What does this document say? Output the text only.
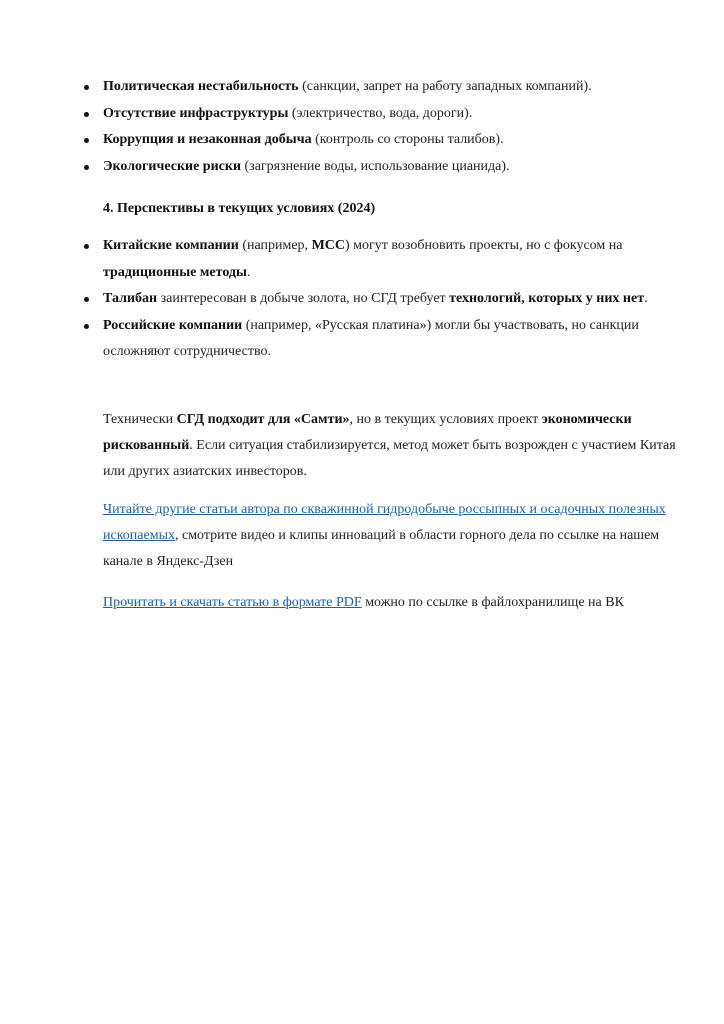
Политическая нестабильность (санкции, запрет на работу западных компаний).
Отсутствие инфраструктуры (электричество, вода, дороги).
Коррупция и незаконная добыча (контроль со стороны талибов).
Экологические риски (загрязнение воды, использование цианида).
4. Перспективы в текущих условиях (2024)
Китайские компании (например, MCC) могут возобновить проекты, но с фокусом на традиционные методы.
Талибан заинтересован в добыче золота, но СГД требует технологий, которых у них нет.
Российские компании (например, «Русская платина») могли бы участвовать, но санкции осложняют сотрудничество.
Технически СГД подходит для «Самти», но в текущих условиях проект экономически рискованный. Если ситуация стабилизируется, метод может быть возрожден с участием Китая или других азиатских инвесторов.
Читайте другие статьи автора по скважинной гидродобыче россыпных и осадочных полезных ископаемых, смотрите видео и клипы инноваций в области горного дела по ссылке на нашем канале в Яндекс-Дзен
Прочитать и скачать статью в формате PDF можно по ссылке в файлохранилище на ВК
